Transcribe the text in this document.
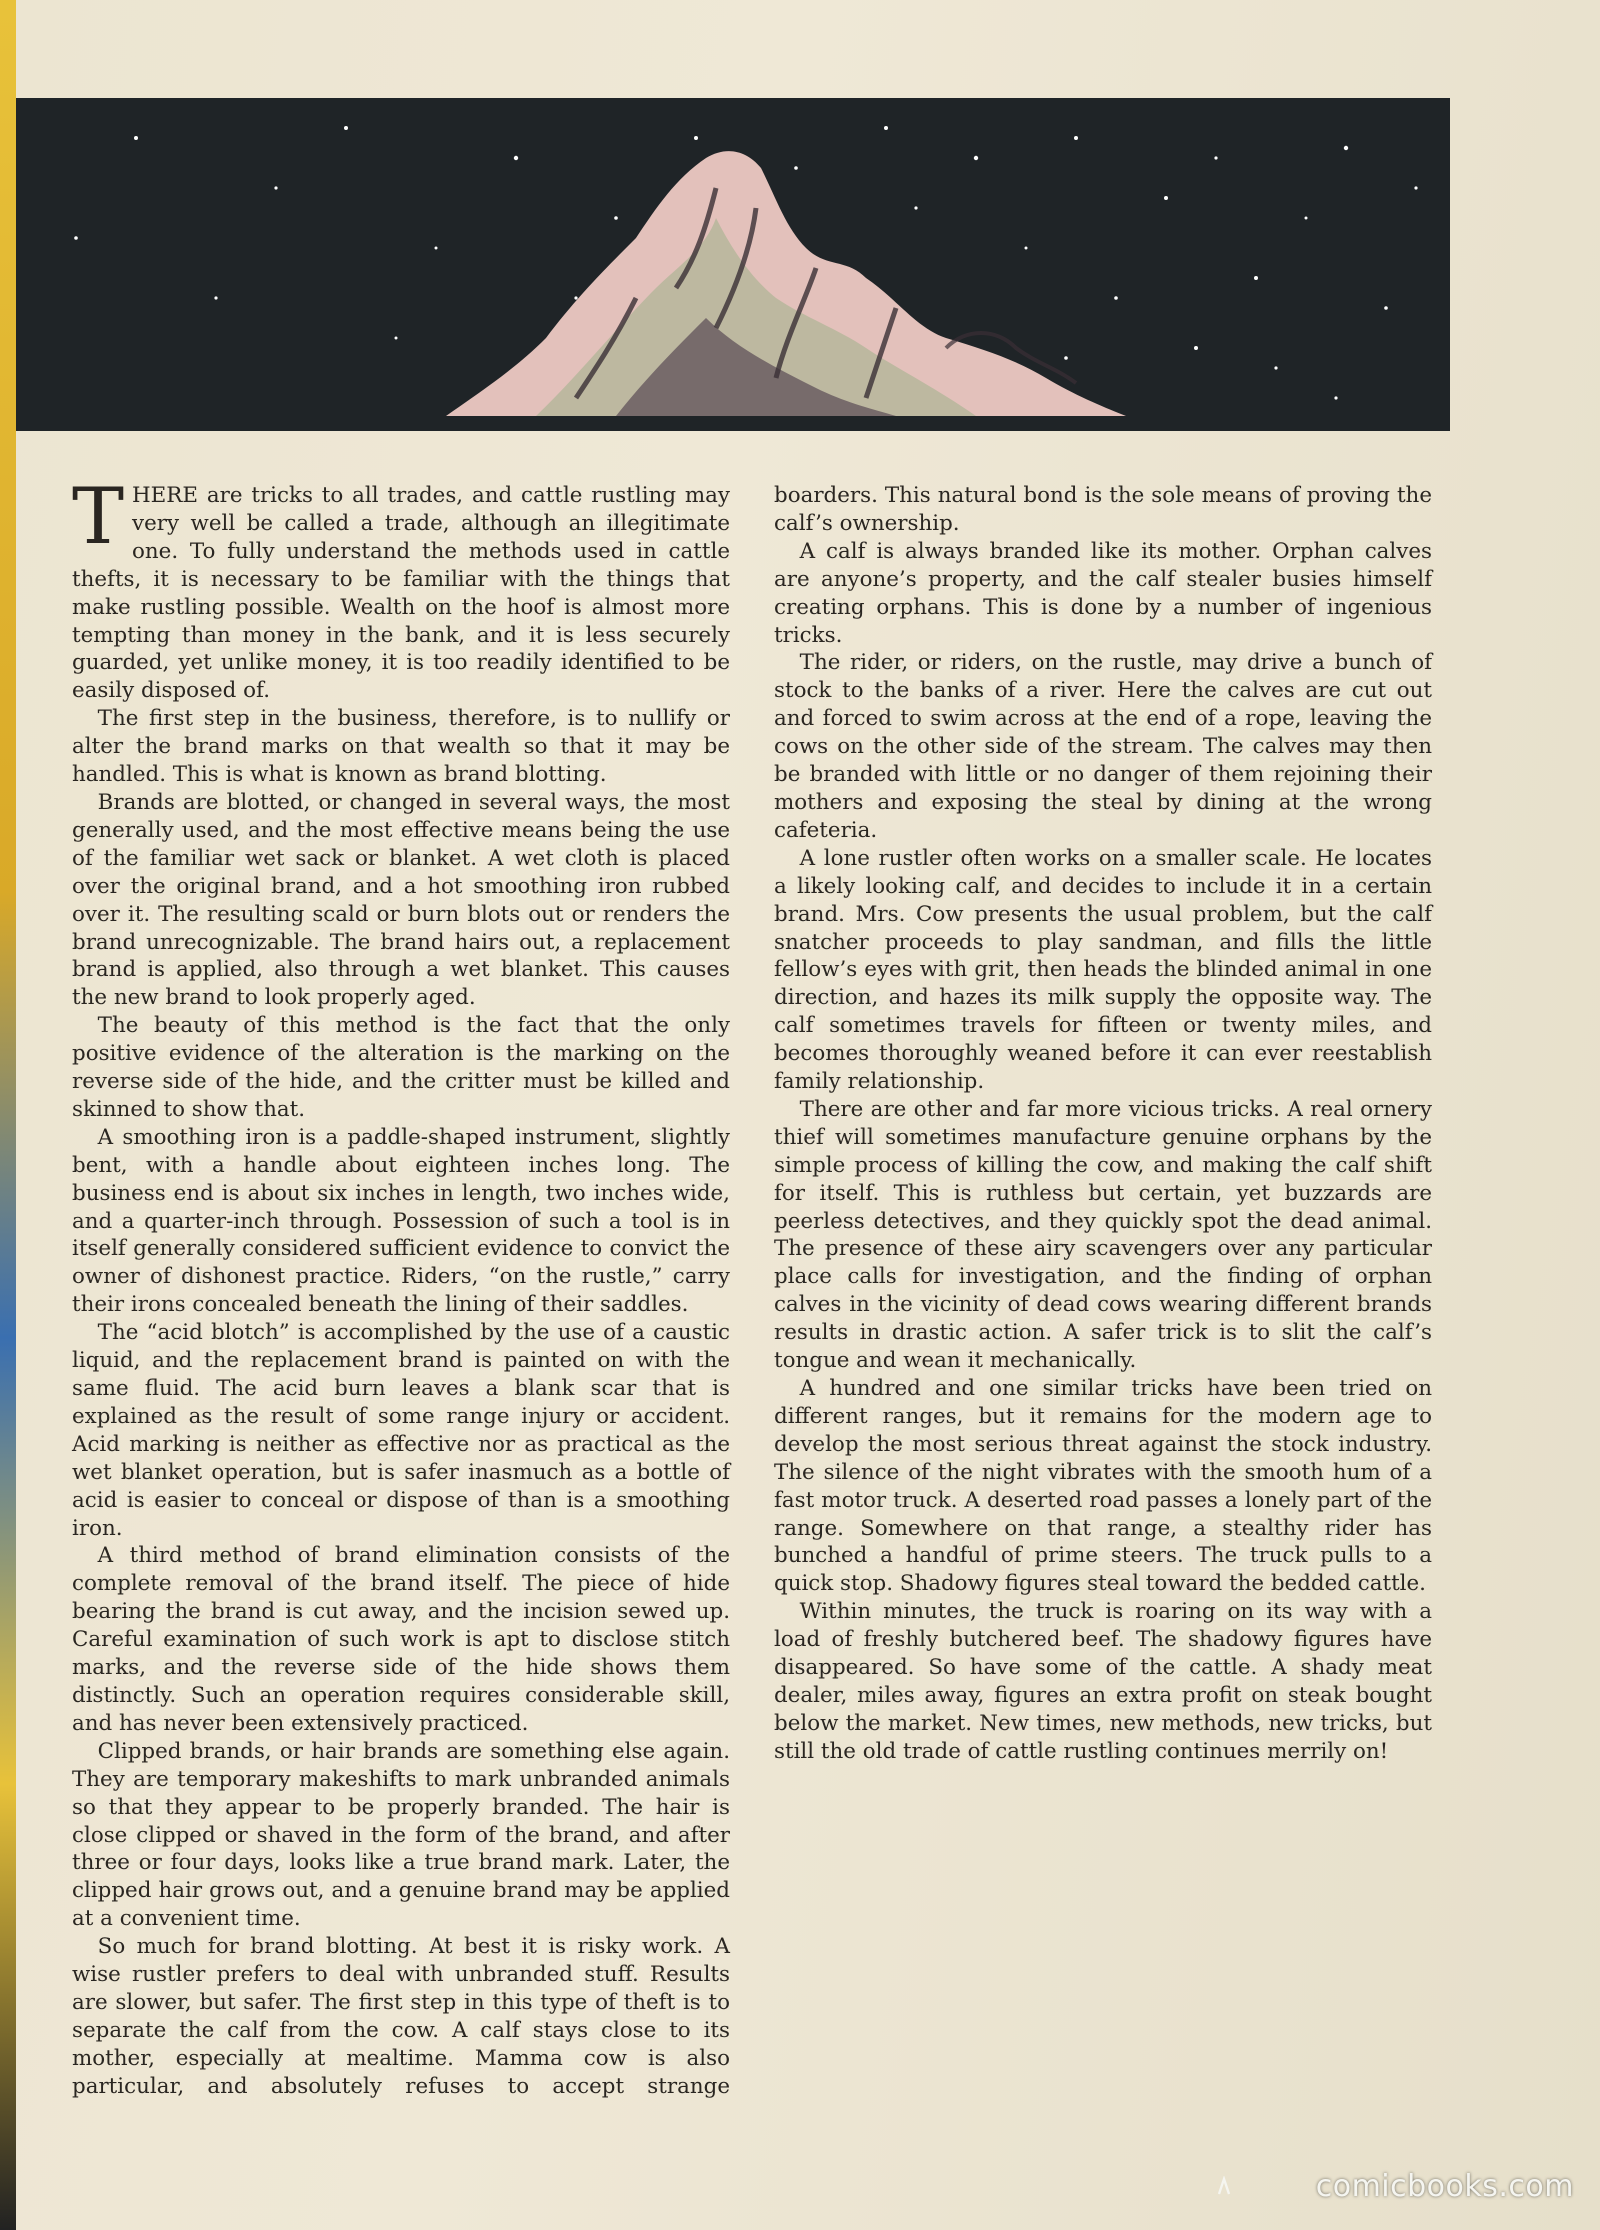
THERE are tricks to all trades, and cattle rustling may very well be called a trade, although an illegitimate one. To fully understand the methods used in cattle thefts, it is necessary to be familiar with the things that make rustling possible. Wealth on the hoof is almost more tempting than money in the bank, and it is less securely guarded, yet unlike money, it is too readily identified to be easily disposed of.

The first step in the business, therefore, is to nullify or alter the brand marks on that wealth so that it may be handled. This is what is known as brand blotting.

Brands are blotted, or changed in several ways, the most generally used, and the most effective means being the use of the familiar wet sack or blanket. A wet cloth is placed over the original brand, and a hot smoothing iron rubbed over it. The resulting scald or burn blots out or renders the brand unrecognizable. The brand hairs out, a replacement brand is applied, also through a wet blanket. This causes the new brand to look properly aged.

The beauty of this method is the fact that the only positive evidence of the alteration is the marking on the reverse side of the hide, and the critter must be killed and skinned to show that.

A smoothing iron is a paddle-shaped instrument, slightly bent, with a handle about eighteen inches long. The business end is about six inches in length, two inches wide, and a quarter-inch through. Possession of such a tool is in itself generally considered sufficient evidence to convict the owner of dishonest practice. Riders, “on the rustle,” carry their irons concealed beneath the lining of their saddles.

The “acid blotch” is accomplished by the use of a caustic liquid, and the replacement brand is painted on with the same fluid. The acid burn leaves a blank scar that is explained as the result of some range injury or accident. Acid marking is neither as effective nor as practical as the wet blanket operation, but is safer inasmuch as a bottle of acid is easier to conceal or dispose of than is a smoothing iron.

A third method of brand elimination consists of the complete removal of the brand itself. The piece of hide bearing the brand is cut away, and the incision sewed up. Careful examination of such work is apt to disclose stitch marks, and the reverse side of the hide shows them distinctly. Such an operation requires considerable skill, and has never been extensively practiced.

Clipped brands, or hair brands are something else again. They are temporary makeshifts to mark unbranded animals so that they appear to be properly branded. The hair is close clipped or shaved in the form of the brand, and after three or four days, looks like a true brand mark. Later, the clipped hair grows out, and a genuine brand may be applied at a convenient time.

So much for brand blotting. At best it is risky work. A wise rustler prefers to deal with unbranded stuff. Results are slower, but safer. The first step in this type of theft is to separate the calf from the cow. A calf stays close to its mother, especially at mealtime. Mamma cow is also particular, and absolutely refuses to accept strange boarders. This natural bond is the sole means of proving the calf’s ownership.

A calf is always branded like its mother. Orphan calves are anyone’s property, and the calf stealer busies himself creating orphans. This is done by a number of ingenious tricks.

The rider, or riders, on the rustle, may drive a bunch of stock to the banks of a river. Here the calves are cut out and forced to swim across at the end of a rope, leaving the cows on the other side of the stream. The calves may then be branded with little or no danger of them rejoining their mothers and exposing the steal by dining at the wrong cafeteria.

A lone rustler often works on a smaller scale. He locates a likely looking calf, and decides to include it in a certain brand. Mrs. Cow presents the usual problem, but the calf snatcher proceeds to play sandman, and fills the little fellow’s eyes with grit, then heads the blinded animal in one direction, and hazes its milk supply the opposite way. The calf sometimes travels for fifteen or twenty miles, and becomes thoroughly weaned before it can ever reestablish family relationship.

There are other and far more vicious tricks. A real ornery thief will sometimes manufacture genuine orphans by the simple process of killing the cow, and making the calf shift for itself. This is ruthless but certain, yet buzzards are peerless detectives, and they quickly spot the dead animal. The presence of these airy scavengers over any particular place calls for investigation, and the finding of orphan calves in the vicinity of dead cows wearing different brands results in drastic action. A safer trick is to slit the calf’s tongue and wean it mechanically.

A hundred and one similar tricks have been tried on different ranges, but it remains for the modern age to develop the most serious threat against the stock industry. The silence of the night vibrates with the smooth hum of a fast motor truck. A deserted road passes a lonely part of the range. Somewhere on that range, a stealthy rider has bunched a handful of prime steers. The truck pulls to a quick stop. Shadowy figures steal toward the bedded cattle.

Within minutes, the truck is roaring on its way with a load of freshly butchered beef. The shadowy figures have disappeared. So have some of the cattle. A shady meat dealer, miles away, figures an extra profit on steak bought below the market. New times, new methods, new tricks, but still the old trade of cattle rustling continues merrily on!

comicbooks.com
